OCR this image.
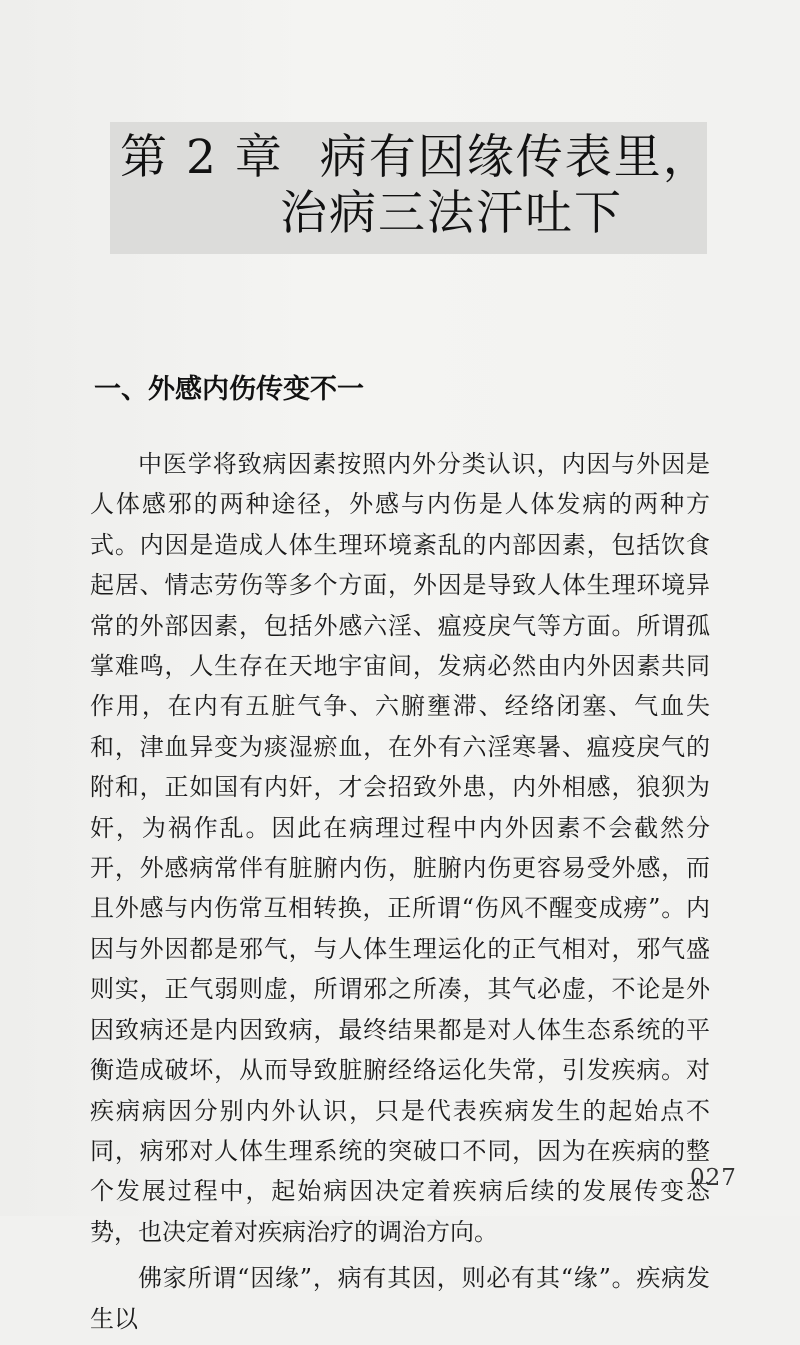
第 2 章 病有因缘传表里，
治病三法汗吐下
一、外感内伤传变不一

中医学将致病因素按照内外分类认识，内因与外因是人体感邪的两种途径，外感与内伤是人体发病的两种方式。内因是造成人体生理环境紊乱的内部因素，包括饮食起居、情志劳伤等多个方面，外因是导致人体生理环境异常的外部因素，包括外感六淫、瘟疫戾气等方面。所谓孤掌难鸣，人生存在天地宇宙间，发病必然由内外因素共同作用，在内有五脏气争、六腑壅滞、经络闭塞、气血失和，津血异变为痰湿瘀血，在外有六淫寒暑、瘟疫戾气的附和，正如国有内奸，才会招致外患，内外相感，狼狈为奸，为祸作乱。因此在病理过程中内外因素不会截然分开，外感病常伴有脏腑内伤，脏腑内伤更容易受外感，而且外感与内伤常互相转换，正所谓“伤风不醒变成痨”。内因与外因都是邪气，与人体生理运化的正气相对，邪气盛则实，正气弱则虚，所谓邪之所凑，其气必虚，不论是外因致病还是内因致病，最终结果都是对人体生态系统的平衡造成破坏，从而导致脏腑经络运化失常，引发疾病。对疾病病因分别内外认识，只是代表疾病发生的起始点不同，病邪对人体生理系统的突破口不同，因为在疾病的整个发展过程中，起始病因决定着疾病后续的发展传变态势，也决定着对疾病治疗的调治方向。

佛家所谓“因缘”，病有其因，则必有其“缘”。疾病发生以

027
